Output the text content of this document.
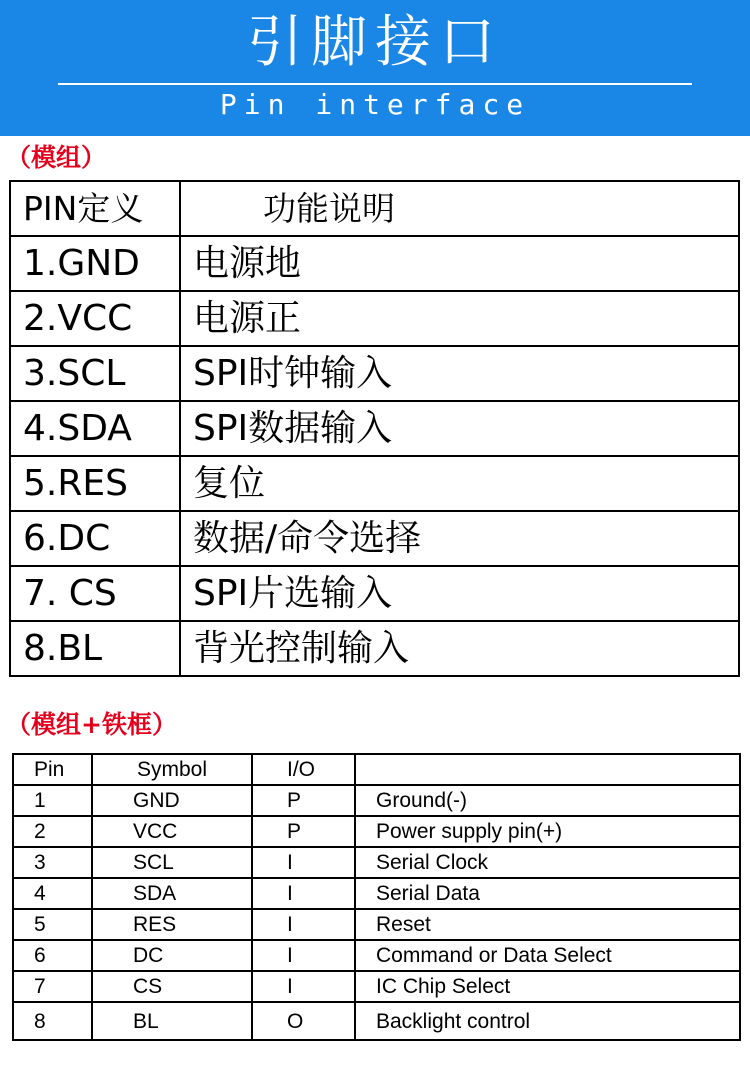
引脚接口
Pin interface
（模组）
PIN定义	功能说明
1.GND	电源地
2.VCC	电源正
3.SCL	SPI时钟输入
4.SDA	SPI数据输入
5.RES	复位
6.DC	数据/命令选择
7. CS	SPI片选输入
8.BL	背光控制输入
（模组+铁框）
Pin	Symbol	I/O	
1	GND	P	Ground(-)
2	VCC	P	Power supply pin(+)
3	SCL	I	Serial Clock
4	SDA	I	Serial Data
5	RES	I	Reset
6	DC	I	Command or Data Select
7	CS	I	IC Chip Select
8	BL	O	Backlight control
